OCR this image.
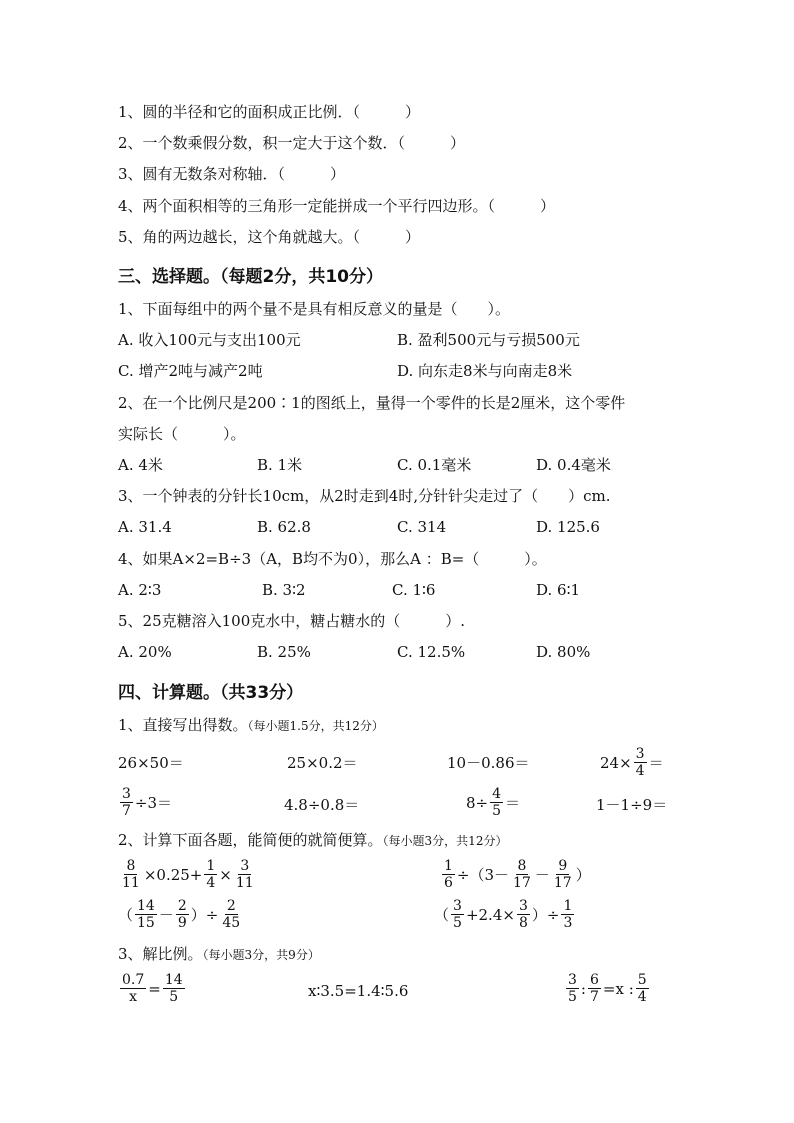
1、圆的半径和它的面积成正比例．（　　　）
2、一个数乘假分数，积一定大于这个数．（　　　）
3、圆有无数条对称轴．（　　　）
4、两个面积相等的三角形一定能拼成一个平行四边形。（　　　）
5、角的两边越长，这个角就越大。（　　　）
三、选择题。（每题2分，共10分）
1、下面每组中的两个量不是具有相反意义的量是（　　）。
A. 收入100元与支出100元	B. 盈利500元与亏损500元
C. 增产2吨与减产2吨	D. 向东走8米与向南走8米
2、在一个比例尺是200∶1的图纸上，量得一个零件的长是2厘米，这个零件
实际长（　　　）。
A. 4米	B. 1米	C. 0.1毫米	D. 0.4毫米
3、一个钟表的分针长10cm，从2时走到4时,分针针尖走过了（　　）cm.
A. 31.4	B. 62.8	C. 314	D. 125.6
4、如果A×2=B÷3（A，B均不为0），那么A ：B=（　　　）。
A. 2∶3	B. 3∶2	C. 1∶6	D. 6∶1
5、25克糖溶入100克水中，糖占糖水的（　　　）.
A. 20%	B. 25%	C. 12.5%	D. 80%
四、计算题。（共33分）
1、直接写出得数。（每小题1.5分，共12分）
26×50＝	25×0.2＝	10－0.86＝	$24\times \frac{3}{4}$ ＝
$\frac{3}{7} \div 3=$	4.8÷0.8＝	$8\div \frac{4}{5}$ ＝	1－1÷9＝
2、计算下面各题，能简便的就简便算。（每小题3分，共12分）
$\frac{8}{11} \times 0.25+ \frac{1}{4} \times \frac{3}{11}$	$\frac{1}{6} \div(3- \frac{8}{17} - \frac{9}{17}$ ）
（ $\frac{14}{15} - \frac{2}{9}$ ）÷ $\frac{2}{45}$	（ $\frac{3}{5} +2.4\times \frac{3}{8}$ ）÷ $\frac{1}{3}$
3、解比例。（每小题3分，共9分）
$\frac{0.7}{x} = \frac{14}{5}$	x∶3.5=1.4∶5.6	$\frac{3}{5}$ : $\frac{6}{7} =x$ : $\frac{5}{4}$
